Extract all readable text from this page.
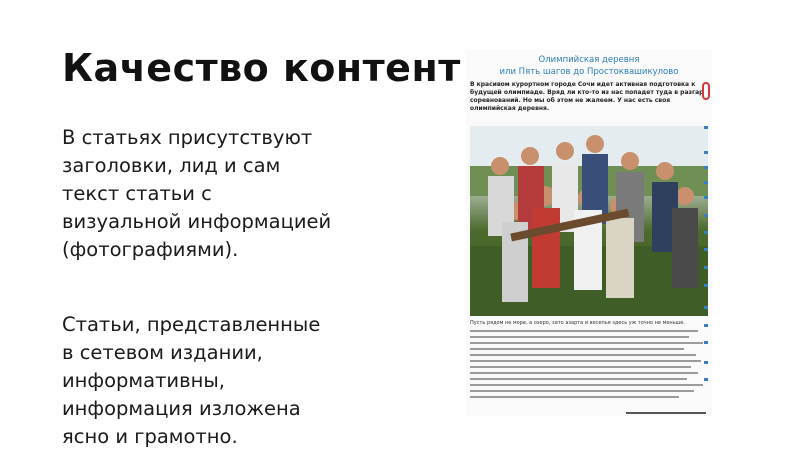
Качество контент
В статьях присутствуют
заголовки, лид и сам
текст статьи с
визуальной информацией
(фотографиями).
Статьи, представленные
в сетевом издании,
информативны,
информация изложена
ясно и грамотно.
Олимпийская деревня
или Пять шагов до Простоквашикулово
В красивом курортном городе Сочи идет активная подготовка к будущей олимпиаде. Вряд ли кто-то из нас попадет туда в разгар соревнований. Но мы об этом не жалеем. У нас есть своя олимпийская деревня.
Пусть рядом не море, а озеро, зато азарта и веселья здесь уж точно не меньше.
